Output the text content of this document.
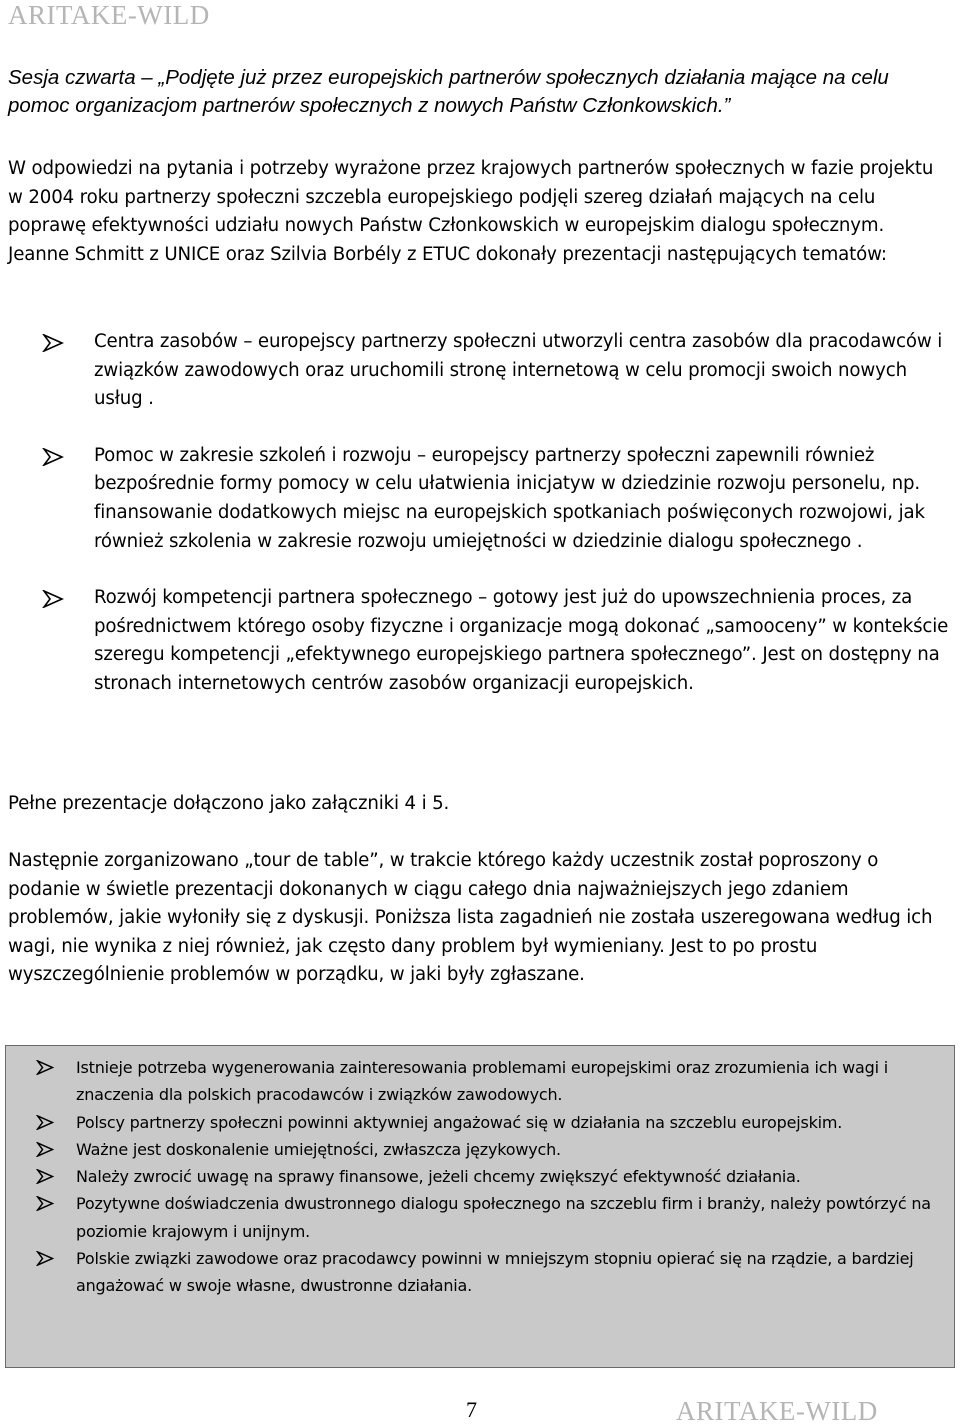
ARITAKE-WILD
Sesja czwarta – „Podjęte już przez europejskich partnerów społecznych działania mające na celu pomoc organizacjom partnerów społecznych z nowych Państw Członkowskich.”
W odpowiedzi na pytania i potrzeby wyrażone przez krajowych partnerów społecznych w fazie projektu w 2004 roku partnerzy społeczni szczebla europejskiego podjęli szereg działań mających na celu poprawę efektywności udziału nowych Państw Członkowskich w europejskim dialogu społecznym. Jeanne Schmitt z UNICE oraz Szilvia Borbély z ETUC dokonały prezentacji następujących tematów:
Centra zasobów – europejscy partnerzy społeczni utworzyli centra zasobów dla pracodawców i związków zawodowych oraz uruchomili stronę internetową w celu promocji swoich nowych usług .
Pomoc w zakresie szkoleń i rozwoju – europejscy partnerzy społeczni zapewnili również bezpośrednie formy pomocy w celu ułatwienia inicjatyw w dziedzinie rozwoju personelu, np. finansowanie dodatkowych miejsc na europejskich spotkaniach poświęconych rozwojowi, jak również szkolenia w zakresie rozwoju umiejętności w dziedzinie dialogu społecznego .
Rozwój kompetencji partnera społecznego – gotowy jest już do upowszechnienia proces, za pośrednictwem którego osoby fizyczne i organizacje mogą dokonać „samooceny” w kontekście szeregu kompetencji „efektywnego europejskiego partnera społecznego”. Jest on dostępny na stronach internetowych centrów zasobów organizacji europejskich.
Pełne prezentacje dołączono jako załączniki 4 i 5.
Następnie zorganizowano „tour de table”, w trakcie którego każdy uczestnik został poproszony o podanie w świetle prezentacji dokonanych w ciągu całego dnia najważniejszych jego zdaniem problemów, jakie wyłoniły się z dyskusji. Poniższa lista zagadnień nie została uszeregowana według ich wagi, nie wynika z niej również, jak często dany problem był wymieniany. Jest to po prostu wyszczególnienie problemów w porządku, w jaki były zgłaszane.
Istnieje potrzeba wygenerowania zainteresowania problemami europejskimi oraz zrozumienia ich wagi i znaczenia dla polskich pracodawców i związków zawodowych.
Polscy partnerzy społeczni powinni aktywniej angażować się w działania na szczeblu europejskim.
Ważne jest doskonalenie umiejętności, zwłaszcza językowych.
Należy zwrocić uwagę na sprawy finansowe, jeżeli chcemy zwiększyć efektywność działania.
Pozytywne doświadczenia dwustronnego dialogu społecznego na szczeblu firm i branży, należy powtórzyć na poziomie krajowym i unijnym.
Polskie związki zawodowe oraz pracodawcy powinni w mniejszym stopniu opierać się na rządzie, a bardziej angażować w swoje własne, dwustronne działania.
7	ARITAKE-WILD
